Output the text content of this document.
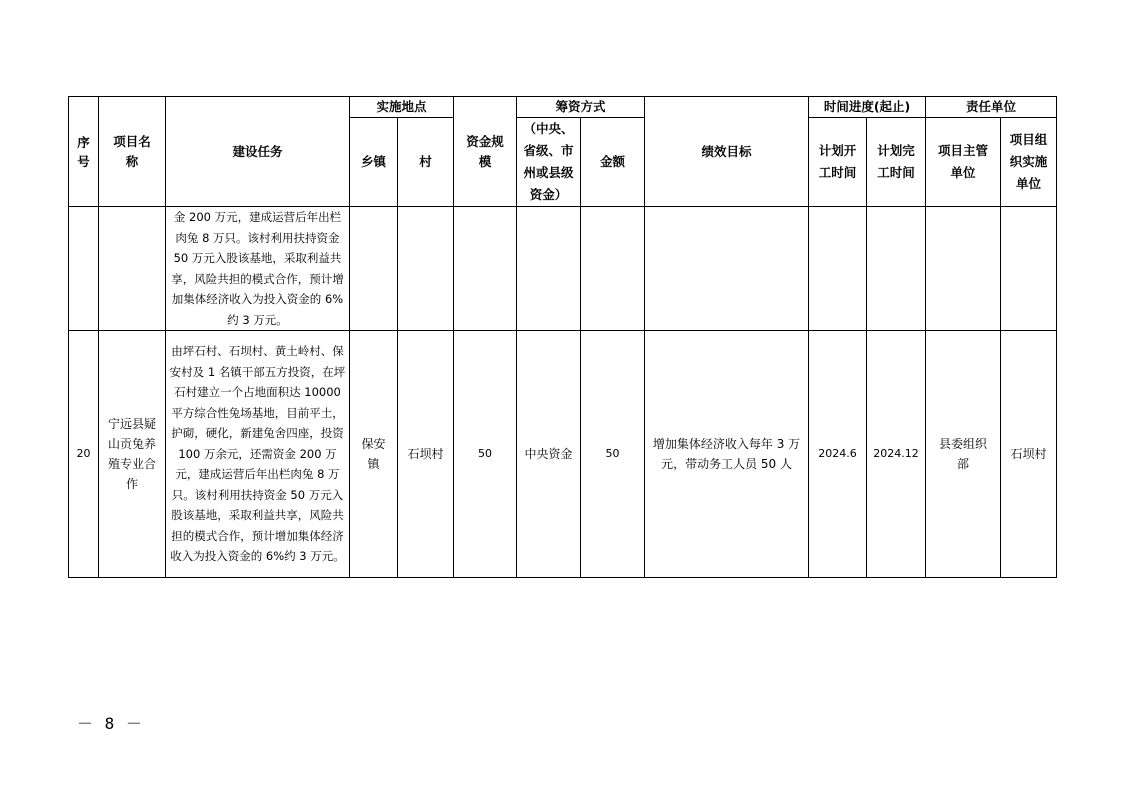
序号	项目名称	建设任务	实施地点		资金规模	筹资方式		绩效目标	时间进度(起止)		责任单位	
			乡镇	村		（中央、省级、市州或县级资金）	金额		计划开工时间	计划完工时间	项目主管单位	项目组织实施单位

		金 200 万元，建成运营后年出栏肉兔 8 万只。该村利用扶持资金 50 万元入股该基地，采取利益共享，风险共担的模式合作，预计增加集体经济收入为投入资金的 6%约 3 万元。										

20	宁远县疑山贡兔养殖专业合作	由坪石村、石坝村、黄土岭村、保安村及 1 名镇干部五方投资，在坪石村建立一个占地面积达 10000 平方综合性兔场基地，目前平土，护砌，硬化，新建兔舍四座，投资 100 万余元，还需资金 200 万元，建成运营后年出栏肉兔 8 万只。该村利用扶持资金 50 万元入股该基地，采取利益共享，风险共担的模式合作，预计增加集体经济收入为投入资金的 6%约 3 万元。	保安镇	石坝村	50	中央资金	50	增加集体经济收入每年 3 万元，带动务工人员 50 人	2024.6	2024.12	县委组织部	石坝村
－ 8 －
